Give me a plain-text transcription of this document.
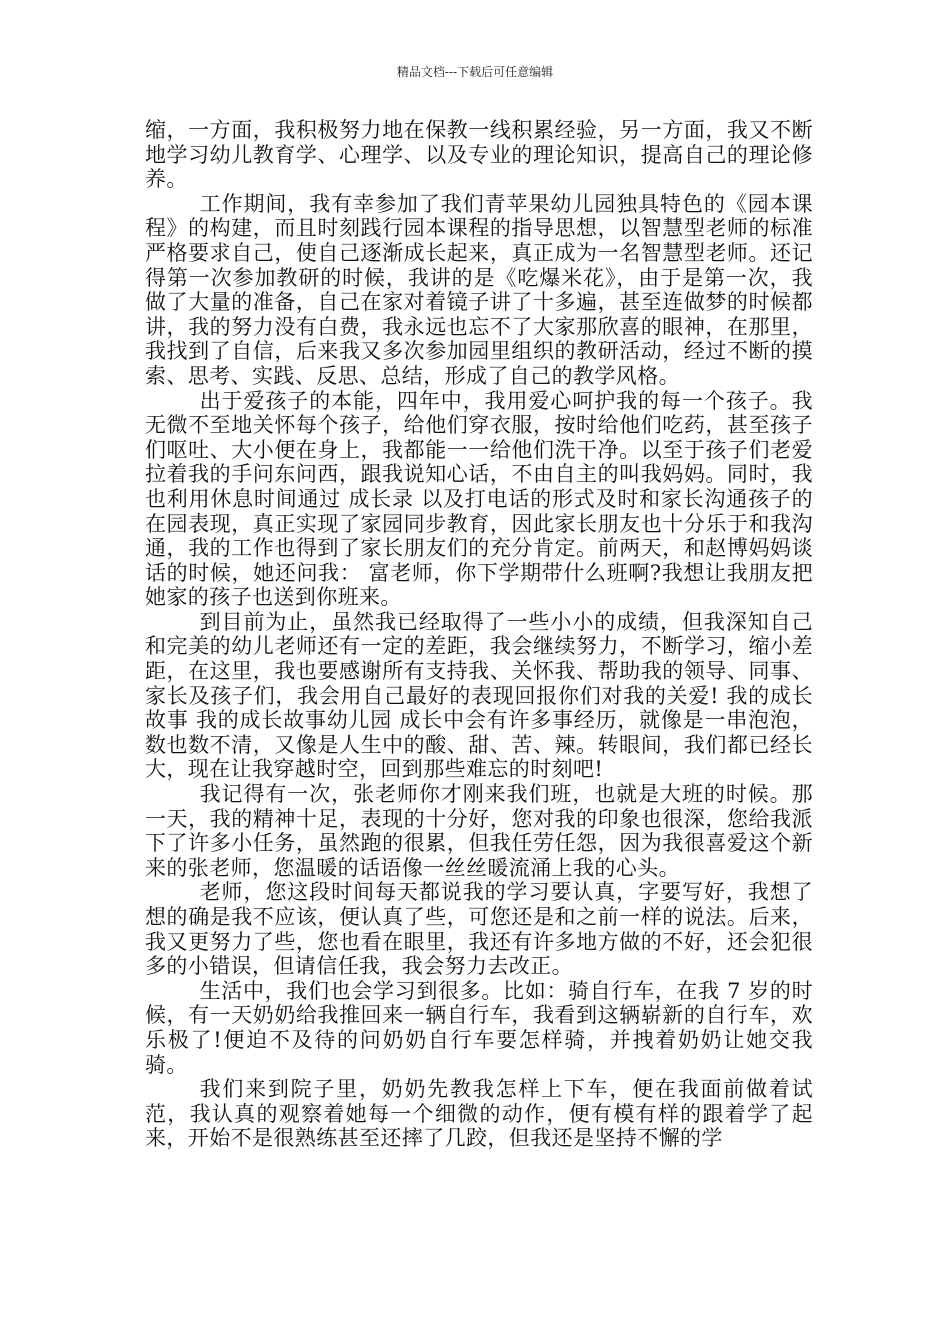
精品文档---下载后可任意编辑

缩，一方面，我积极努力地在保教一线积累经验，另一方面，我又不断地学习幼儿教育学、心理学、以及专业的理论知识，提高自己的理论修养。

工作期间，我有幸参加了我们青苹果幼儿园独具特色的《园本课程》的构建，而且时刻践行园本课程的指导思想，以智慧型老师的标准严格要求自己，使自己逐渐成长起来，真正成为一名智慧型老师。还记得第一次参加教研的时候，我讲的是《吃爆米花》，由于是第一次，我做了大量的准备，自己在家对着镜子讲了十多遍，甚至连做梦的时候都讲，我的努力没有白费，我永远也忘不了大家那欣喜的眼神，在那里，我找到了自信，后来我又多次参加园里组织的教研活动，经过不断的摸索、思考、实践、反思、总结，形成了自己的教学风格。

出于爱孩子的本能，四年中，我用爱心呵护我的每一个孩子。我无微不至地关怀每个孩子，给他们穿衣服，按时给他们吃药，甚至孩子们呕吐、大小便在身上，我都能一一给他们洗干净。以至于孩子们老爱拉着我的手问东问西，跟我说知心话，不由自主的叫我妈妈。同时，我也利用休息时间通过 成长录 以及打电话的形式及时和家长沟通孩子的在园表现，真正实现了家园同步教育，因此家长朋友也十分乐于和我沟通，我的工作也得到了家长朋友们的充分肯定。前两天，和赵博妈妈谈话的时候，她还问我： 富老师，你下学期带什么班啊?我想让我朋友把她家的孩子也送到你班来。

到目前为止，虽然我已经取得了一些小小的成绩，但我深知自己和完美的幼儿老师还有一定的差距，我会继续努力，不断学习，缩小差距，在这里，我也要感谢所有支持我、关怀我、帮助我的领导、同事、家长及孩子们，我会用自己最好的表现回报你们对我的关爱! 我的成长故事 我的成长故事幼儿园 成长中会有许多事经历，就像是一串泡泡，数也数不清，又像是人生中的酸、甜、苦、辣。转眼间，我们都已经长大，现在让我穿越时空，回到那些难忘的时刻吧!

我记得有一次，张老师你才刚来我们班，也就是大班的时候。那一天，我的精神十足，表现的十分好，您对我的印象也很深，您给我派下了许多小任务，虽然跑的很累，但我任劳任怨，因为我很喜爱这个新来的张老师，您温暖的话语像一丝丝暖流涌上我的心头。

老师，您这段时间每天都说我的学习要认真，字要写好，我想了想的确是我不应该，便认真了些，可您还是和之前一样的说法。后来，我又更努力了些，您也看在眼里，我还有许多地方做的不好，还会犯很多的小错误，但请信任我，我会努力去改正。

生活中，我们也会学习到很多。比如：骑自行车，在我 7 岁的时候，有一天奶奶给我推回来一辆自行车，我看到这辆崭新的自行车，欢乐极了!便迫不及待的问奶奶自行车要怎样骑，并拽着奶奶让她交我骑。

我们来到院子里，奶奶先教我怎样上下车，便在我面前做着试范，我认真的观察着她每一个细微的动作，便有模有样的跟着学了起来，开始不是很熟练甚至还摔了几跤，但我还是坚持不懈的学
